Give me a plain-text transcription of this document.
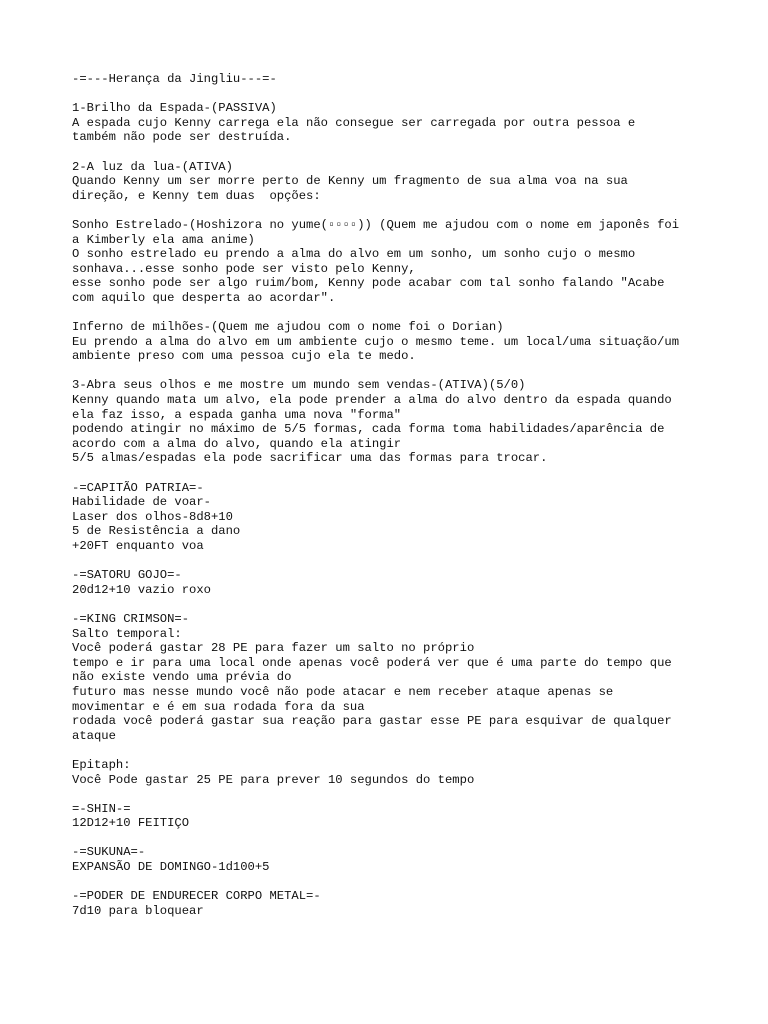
-=---Herança da Jingliu---=-
1-Brilho da Espada-(PASSIVA)
A espada cujo Kenny carrega ela não consegue ser carregada por outra pessoa e
também não pode ser destruída.
2-A luz da lua-(ATIVA)
Quando Kenny um ser morre perto de Kenny um fragmento de sua alma voa na sua
direção, e Kenny tem duas  opções:
Sonho Estrelado-(Hoshizora no yume(▫▫▫▫)) (Quem me ajudou com o nome em japonês foi
a Kimberly ela ama anime)
O sonho estrelado eu prendo a alma do alvo em um sonho, um sonho cujo o mesmo
sonhava...esse sonho pode ser visto pelo Kenny,
esse sonho pode ser algo ruim/bom, Kenny pode acabar com tal sonho falando "Acabe
com aquilo que desperta ao acordar".
Inferno de milhões-(Quem me ajudou com o nome foi o Dorian)
Eu prendo a alma do alvo em um ambiente cujo o mesmo teme. um local/uma situação/um
ambiente preso com uma pessoa cujo ela te medo.
3-Abra seus olhos e me mostre um mundo sem vendas-(ATIVA)(5/0)
Kenny quando mata um alvo, ela pode prender a alma do alvo dentro da espada quando
ela faz isso, a espada ganha uma nova "forma"
podendo atingir no máximo de 5/5 formas, cada forma toma habilidades/aparência de
acordo com a alma do alvo, quando ela atingir
5/5 almas/espadas ela pode sacrificar uma das formas para trocar.
-=CAPITÃO PATRIA=-
Habilidade de voar-
Laser dos olhos-8d8+10
5 de Resistência a dano
+20FT enquanto voa
-=SATORU GOJO=-
20d12+10 vazio roxo
-=KING CRIMSON=-
Salto temporal:
Você poderá gastar 28 PE para fazer um salto no próprio
tempo e ir para uma local onde apenas você poderá ver que é uma parte do tempo que
não existe vendo uma prévia do
futuro mas nesse mundo você não pode atacar e nem receber ataque apenas se
movimentar e é em sua rodada fora da sua
rodada você poderá gastar sua reação para gastar esse PE para esquivar de qualquer
ataque
Epitaph:
Você Pode gastar 25 PE para prever 10 segundos do tempo
=-SHIN-=
12D12+10 FEITIÇO
-=SUKUNA=-
EXPANSÃO DE DOMINGO-1d100+5
-=PODER DE ENDURECER CORPO METAL=-
7d10 para bloquear
